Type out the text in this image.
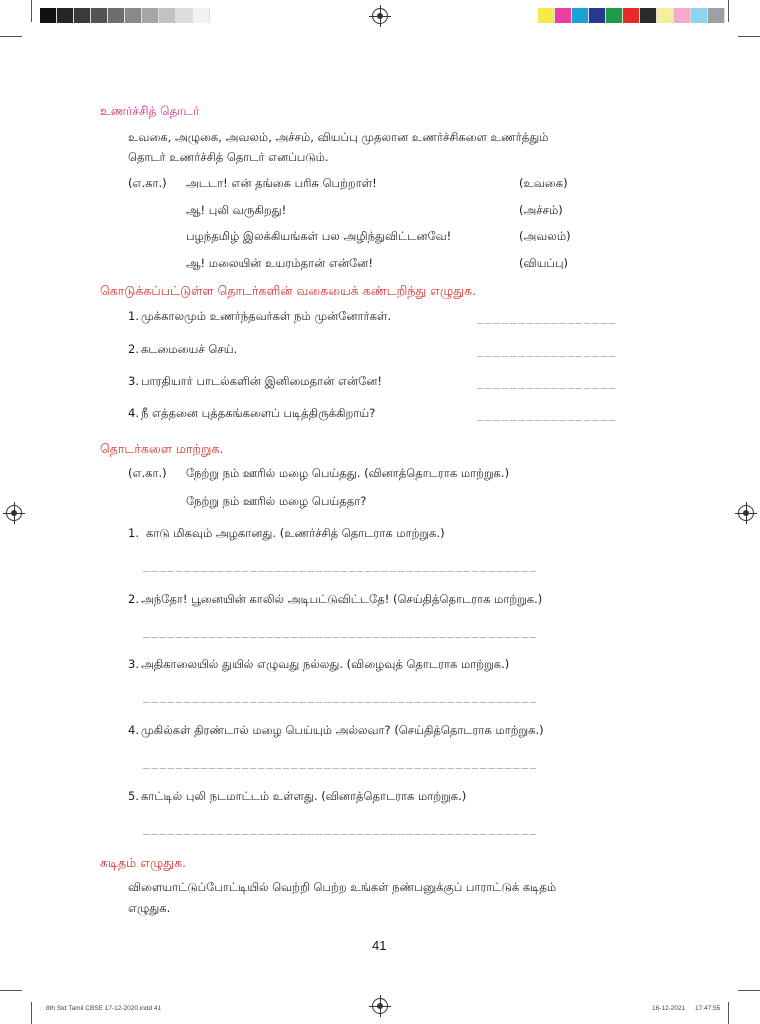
உணர்ச்சித் தொடர்
உவகை, அழுகை, அவலம், அச்சம், வியப்பு முதலான உணர்ச்சிகளை உணர்த்தும்
தொடர் உணர்ச்சித் தொடர் எனப்படும்.
(எ.கா.) அடடா! என் தங்கை பரிசு பெற்றாள்!	(உவகை)
ஆ! புலி வருகிறது!	(அச்சம்)
பழந்தமிழ் இலக்கியங்கள் பல அழிந்துவிட்டனவே!	(அவலம்)
ஆ! மலையின் உயரம்தான் என்னே!	(வியப்பு)
கொடுக்கப்பட்டுள்ள தொடர்களின் வகையைக் கண்டறிந்து எழுதுக.
1. முக்காலமும் உணர்ந்தவர்கள் நம் முன்னோர்கள்.	_________________
2. கடமையைச் செய்.	_________________
3. பாரதியார் பாடல்களின் இனிமைதான் என்னே!	_________________
4. நீ எத்தனை புத்தகங்களைப் படித்திருக்கிறாய்?	_________________
தொடர்களை மாற்றுக.
(எ.கா.) நேற்று நம் ஊரில் மழை பெய்தது. (வினாத்தொடராக மாற்றுக.)
நேற்று நம் ஊரில் மழை பெய்ததா?
1. காடு மிகவும் அழகானது. (உணர்ச்சித் தொடராக மாற்றுக.)
________________________________________________
2. அந்தோ! பூனையின் காலில் அடிபட்டுவிட்டதே! (செய்தித்தொடராக மாற்றுக.)
________________________________________________
3. அதிகாலையில் துயில் எழுவது நல்லது. (விழைவுத் தொடராக மாற்றுக.)
________________________________________________
4. முகில்கள் திரண்டால் மழை பெய்யும் அல்லவா? (செய்தித்தொடராக மாற்றுக.)
________________________________________________
5. காட்டில் புலி நடமாட்டம் உள்ளது. (வினாத்தொடராக மாற்றுக.)
________________________________________________
கடிதம் எழுதுக.
விளையாட்டுப்போட்டியில் வெற்றி பெற்ற உங்கள் நண்பனுக்குப் பாராட்டுக் கடிதம்
எழுதுக.
41
8th Std Tamil CBSE 17-12-2020.indd 41	16-12-2021 17:47:55
